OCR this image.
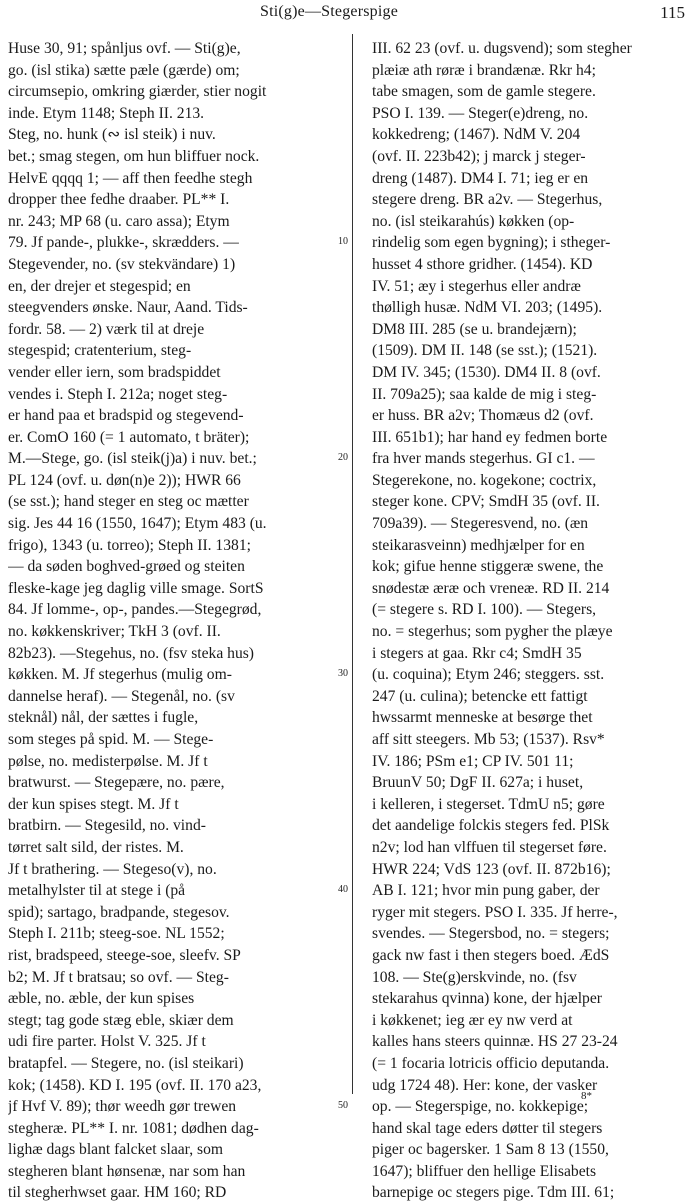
Sti(g)e—Stegerspige	115
Huse 30, 91; spånljus ovf. — Sti(g)e,
go. (isl stika) sætte pæle (gærde) om;
circumsepio, omkring giærder, stier nogit
inde. Etym 1148; Steph II. 213.
Steg, no. hunk (∾ isl steik) i nuv.
bet.; smag stegen, om hun bliffuer nock.
HelvE qqqq 1; — aff then feedhe stegh
dropper thee fedhe draaber. PL** I.
nr. 243; MP 68 (u. caro assa); Etym
79. Jf pande-, plukke-, skrædders. —
Stegevender, no. (sv stekvändare) 1)
en, der drejer et stegespid; en
steegvenders ønske. Naur, Aand. Tids-
fordr. 58. — 2) værk til at dreje
stegespid; cratenterium, steg-
vender eller iern, som bradspiddet
vendes i. Steph I. 212a; noget steg-
er hand paa et bradspid og stegevend-
er. ComO 160 (= 1 automato, t bräter);
M.—Stege, go. (isl steik(j)a) i nuv. bet.;
PL 124 (ovf. u. døn(n)e 2)); HWR 66
(se sst.); hand steger en steg oc mætter
sig. Jes 44 16 (1550, 1647); Etym 483 (u.
frigo), 1343 (u. torreo); Steph II. 1381;
— da søden boghved-grøed og steiten
fleske-kage jeg daglig ville smage. SortS
84. Jf lomme-, op-, pandes.—Stegegrød,
no. køkkenskriver; TkH 3 (ovf. II.
82b23). —Stegehus, no. (fsv steka hus)
køkken. M. Jf stegerhus (mulig om-
dannelse heraf). — Stegenål, no. (sv
steknål) nål, der sættes i fugle,
som steges på spid. M. — Stege-
pølse, no. medisterpølse. M. Jf t
bratwurst. — Stegepære, no. pære,
der kun spises stegt. M. Jf t
bratbirn. — Stegesild, no. vind-
tørret salt sild, der ristes. M.
Jf t brathering. — Stegeso(v), no.
metalhylster til at stege i (på
spid); sartago, bradpande, stegesov.
Steph I. 211b; steeg-soe. NL 1552;
rist, bradspeed, steege-soe, sleefv. SP
b2; M. Jf t bratsau; so ovf. — Steg-
æble, no. æble, der kun spises
stegt; tag gode stæg eble, skiær dem
udi fire parter. Holst V. 325. Jf t
bratapfel. — Stegere, no. (isl steikari)
kok; (1458). KD I. 195 (ovf. II. 170 a23,
jf Hvf V. 89); thør weedh gør trewen
stegheræ. PL** I. nr. 1081; dødhen dag-
lighæ dags blant falcket slaar, som
stegheren blant hønsenæ, nar som han
til stegherhwset gaar. HM 160; RD
10
20
30
40
50
III. 62 23 (ovf. u. dugsvend); som stegher
plæiæ ath røræ i brandænæ. Rkr h4;
tabe smagen, som de gamle stegere.
PSO I. 139. — Steger(e)dreng, no.
kokkedreng; (1467). NdM V. 204
(ovf. II. 223b42); j marck j steger-
dreng (1487). DM4 I. 71; ieg er en
stegere dreng. BR a2v. — Stegerhus,
no. (isl steikarahús) køkken (op-
rindelig som egen bygning); i stheger-
husset 4 sthore gridher. (1454). KD
IV. 51; æy i stegerhus eller andræ
thølligh husæ. NdM VI. 203; (1495).
DM8 III. 285 (se u. brandejærn);
(1509). DM II. 148 (se sst.); (1521).
DM IV. 345; (1530). DM4 II. 8 (ovf.
II. 709a25); saa kalde de mig i steg-
er huss. BR a2v; Thomæus d2 (ovf.
III. 651b1); har hand ey fedmen borte
fra hver mands stegerhus. GI c1. —
Stegerekone, no. kogekone; coctrix,
steger kone. CPV; SmdH 35 (ovf. II.
709a39). — Stegeresvend, no. (æn
steikarasveinn) medhjælper for en
kok; gifue henne stiggeræ swene, the
snødestæ æræ och vreneæ. RD II. 214
(= stegere s. RD I. 100). — Stegers,
no. = stegerhus; som pygher the plæye
i stegers at gaa. Rkr c4; SmdH 35
(u. coquina); Etym 246; steggers. sst.
247 (u. culina); betencke ett fattigt
hwssarmt menneske at besørge thet
aff sitt steegers. Mb 53; (1537). Rsv*
IV. 186; PSm e1; CP IV. 501 11;
BruunV 50; DgF II. 627a; i huset,
i kelleren, i stegerset. TdmU n5; gøre
det aandelige folckis stegers fed. PlSk
n2v; lod han vlffuen til stegerset føre.
HWR 224; VdS 123 (ovf. II. 872b16);
AB I. 121; hvor min pung gaber, der
ryger mit stegers. PSO I. 335. Jf herre-,
svendes. — Stegersbod, no. = stegers;
gack nw fast i then stegers boed. ÆdS
108. — Ste(g)erskvinde, no. (fsv
stekarahus qvinna) kone, der hjælper
i køkkenet; ieg ær ey nw verd at
kalles hans steers quinnæ. HS 27 23-24
(= 1 focaria lotricis officio deputanda.
udg 1724 48). Her: kone, der vasker
op. — Stegerspige, no. kokkepige;
hand skal tage eders døtter til stegers
piger oc bagersker. 1 Sam 8 13 (1550,
1647); bliffuer den hellige Elisabets
barnepige oc stegers pige. Tdm III. 61;
8*
